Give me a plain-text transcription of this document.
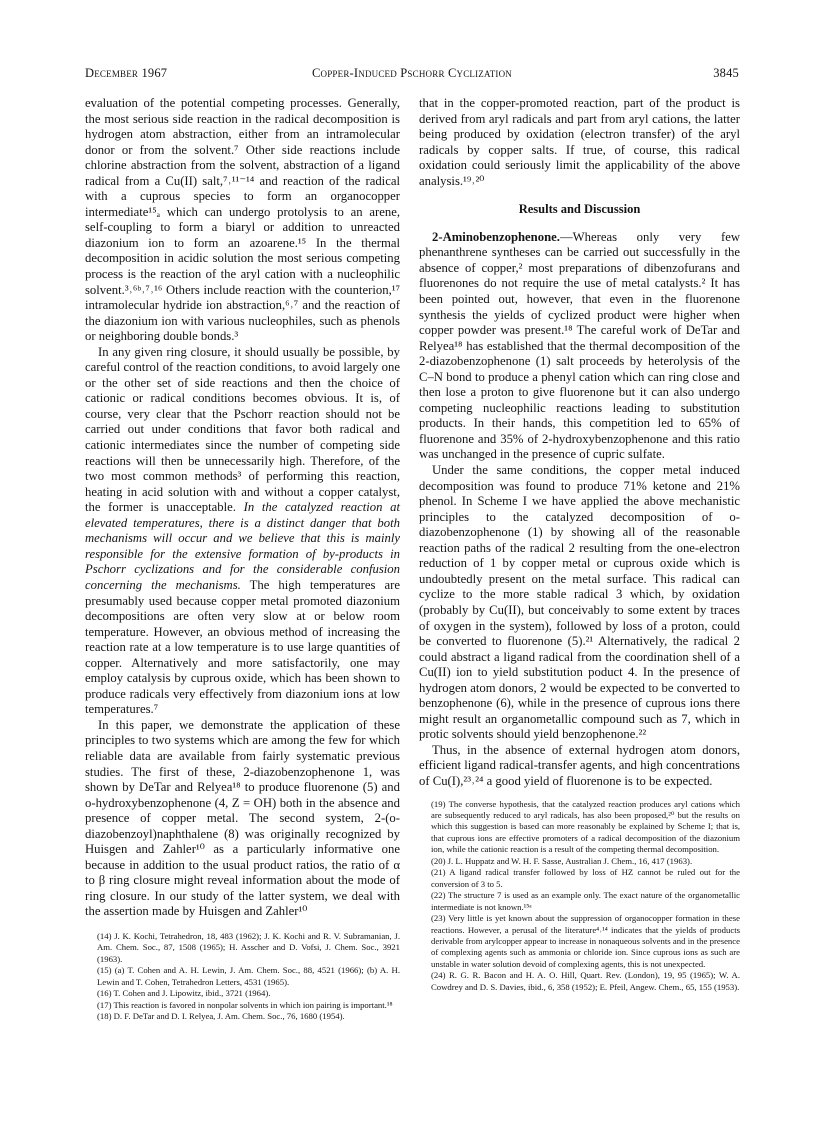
December 1967	Copper-Induced Pschorr Cyclization	3845

evaluation of the potential competing processes. Generally, the most serious side reaction in the radical decomposition is hydrogen atom abstraction, either from an intramolecular donor or from the solvent.⁷ Other side reactions include chlorine abstraction from the solvent, abstraction of a ligand radical from a Cu(II) salt,⁷˒¹¹⁻¹⁴ and reaction of the radical with a cuprous species to form an organocopper intermediate¹⁵ₐ which can undergo protolysis to an arene, self-coupling to form a biaryl or addition to unreacted diazonium ion to form an azoarene.¹⁵ In the thermal decomposition in acidic solution the most serious competing process is the reaction of the aryl cation with a nucleophilic solvent.³˒⁶ᵇ˒⁷˒¹⁶ Others include reaction with the counterion,¹⁷ intramolecular hydride ion abstraction,⁶˒⁷ and the reaction of the diazonium ion with various nucleophiles, such as phenols or neighboring double bonds.³

In any given ring closure, it should usually be possible, by careful control of the reaction conditions, to avoid largely one or the other set of side reactions and then the choice of cationic or radical conditions becomes obvious. It is, of course, very clear that the Pschorr reaction should not be carried out under conditions that favor both radical and cationic intermediates since the number of competing side reactions will then be unnecessarily high. Therefore, of the two most common methods³ of performing this reaction, heating in acid solution with and without a copper catalyst, the former is unacceptable. In the catalyzed reaction at elevated temperatures, there is a distinct danger that both mechanisms will occur and we believe that this is mainly responsible for the extensive formation of by-products in Pschorr cyclizations and for the considerable confusion concerning the mechanisms. The high temperatures are presumably used because copper metal promoted diazonium decompositions are often very slow at or below room temperature. However, an obvious method of increasing the reaction rate at a low temperature is to use large quantities of copper. Alternatively and more satisfactorily, one may employ catalysis by cuprous oxide, which has been shown to produce radicals very effectively from diazonium ions at low temperatures.⁷

In this paper, we demonstrate the application of these principles to two systems which are among the few for which reliable data are available from fairly systematic previous studies. The first of these, 2-diazobenzophenone 1, was shown by DeTar and Relyea¹⁸ to produce fluorenone (5) and o-hydroxybenzophenone (4, Z = OH) both in the absence and presence of copper metal. The second system, 2-(o-diazobenzoyl)naphthalene (8) was originally recognized by Huisgen and Zahler¹⁰ as a particularly informative one because in addition to the usual product ratios, the ratio of α to β ring closure might reveal information about the mode of ring closure. In our study of the latter system, we deal with the assertion made by Huisgen and Zahler¹⁰

(14) J. K. Kochi, Tetrahedron, 18, 483 (1962); J. K. Kochi and R. V. Subramanian, J. Am. Chem. Soc., 87, 1508 (1965); H. Asscher and D. Vofsi, J. Chem. Soc., 3921 (1963).

(15) (a) T. Cohen and A. H. Lewin, J. Am. Chem. Soc., 88, 4521 (1966); (b) A. H. Lewin and T. Cohen, Tetrahedron Letters, 4531 (1965).

(16) T. Cohen and J. Lipowitz, ibid., 3721 (1964).

(17) This reaction is favored in nonpolar solvents in which ion pairing is important.¹⁸

(18) D. F. DeTar and D. I. Relyea, J. Am. Chem. Soc., 76, 1680 (1954).

that in the copper-promoted reaction, part of the product is derived from aryl radicals and part from aryl cations, the latter being produced by oxidation (electron transfer) of the aryl radicals by copper salts. If true, of course, this radical oxidation could seriously limit the applicability of the above analysis.¹⁹˒²⁰

Results and Discussion

2-Aminobenzophenone.—Whereas only very few phenanthrene syntheses can be carried out successfully in the absence of copper,² most preparations of dibenzofurans and fluorenones do not require the use of metal catalysts.² It has been pointed out, however, that even in the fluorenone synthesis the yields of cyclized product were higher when copper powder was present.¹⁸ The careful work of DeTar and Relyea¹⁸ has established that the thermal decomposition of the 2-diazobenzophenone (1) salt proceeds by heterolysis of the C–N bond to produce a phenyl cation which can ring close and then lose a proton to give fluorenone but it can also undergo competing nucleophilic reactions leading to substitution products. In their hands, this competition led to 65% of fluorenone and 35% of 2-hydroxybenzophenone and this ratio was unchanged in the presence of cupric sulfate.

Under the same conditions, the copper metal induced decomposition was found to produce 71% ketone and 21% phenol. In Scheme I we have applied the above mechanistic principles to the catalyzed decomposition of o-diazobenzophenone (1) by showing all of the reasonable reaction paths of the radical 2 resulting from the one-electron reduction of 1 by copper metal or cuprous oxide which is undoubtedly present on the metal surface. This radical can cyclize to the more stable radical 3 which, by oxidation (probably by Cu(II), but conceivably to some extent by traces of oxygen in the system), followed by loss of a proton, could be converted to fluorenone (5).²¹ Alternatively, the radical 2 could abstract a ligand radical from the coordination shell of a Cu(II) ion to yield substitution poduct 4. In the presence of hydrogen atom donors, 2 would be expected to be converted to benzophenone (6), while in the presence of cuprous ions there might result an organometallic compound such as 7, which in protic solvents should yield benzophenone.²²

Thus, in the absence of external hydrogen atom donors, efficient ligand radical-transfer agents, and high concentrations of Cu(I),²³˒²⁴ a good yield of fluorenone is to be expected.

(19) The converse hypothesis, that the catalyzed reaction produces aryl cations which are subsequently reduced to aryl radicals, has also been proposed,²⁰ but the results on which this suggestion is based can more reasonably be explained by Scheme I; that is, that cuprous ions are effective promoters of a radical decomposition of the diazonium ion, while the cationic reaction is a result of the competing thermal decomposition.

(20) J. L. Huppatz and W. H. F. Sasse, Australian J. Chem., 16, 417 (1963).

(21) A ligand radical transfer followed by loss of HZ cannot be ruled out for the conversion of 3 to 5.

(22) The structure 7 is used as an example only. The exact nature of the organometallic intermediate is not known.¹⁵ᵃ

(23) Very little is yet known about the suppression of organocopper formation in these reactions. However, a perusal of the literature⁴˒¹⁴ indicates that the yields of products derivable from arylcopper appear to increase in nonaqueous solvents and in the presence of complexing agents such as ammonia or chloride ion. Since cuprous ions as such are unstable in water solution devoid of complexing agents, this is not unexpected.

(24) R. G. R. Bacon and H. A. O. Hill, Quart. Rev. (London), 19, 95 (1965); W. A. Cowdrey and D. S. Davies, ibid., 6, 358 (1952); E. Pfeil, Angew. Chem., 65, 155 (1953).
